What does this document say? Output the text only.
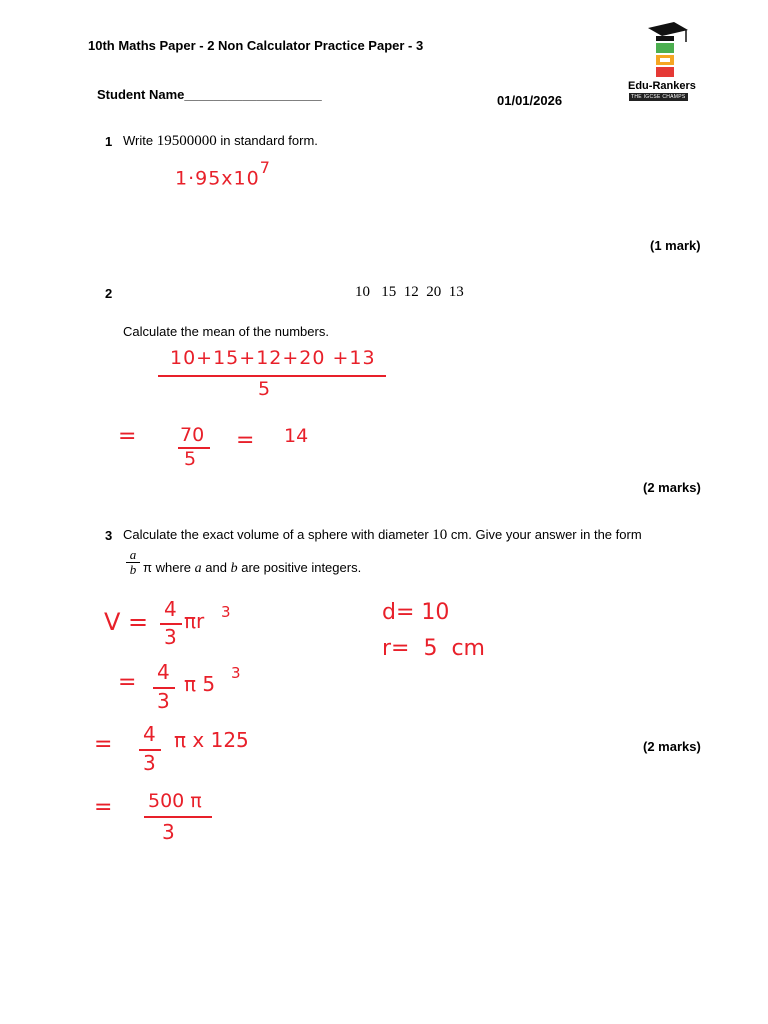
10th Maths Paper - 2 Non Calculator Practice Paper - 3
Student Name___________________	01/01/2026
Edu-Rankers
THE IGCSE CHAMPS
1 Write 19500000 in standard form.
$1\cdot 95x10^7$
(1 mark)
2	10   15  12  20  13
Calculate the mean of the numbers.
10+15+12+20 +13
5
= 70
5
= 14
(2 marks)
3 Calculate the exact volume of a sphere with diameter 10 cm. Give your answer in the form
a
b π where a and b are positive integers.
V = 4
3
πr 3
= 4
3
π 5 3
= 4
3
π x 125
= 500 π
3
d= 10
r=  5  cm
(2 marks)
